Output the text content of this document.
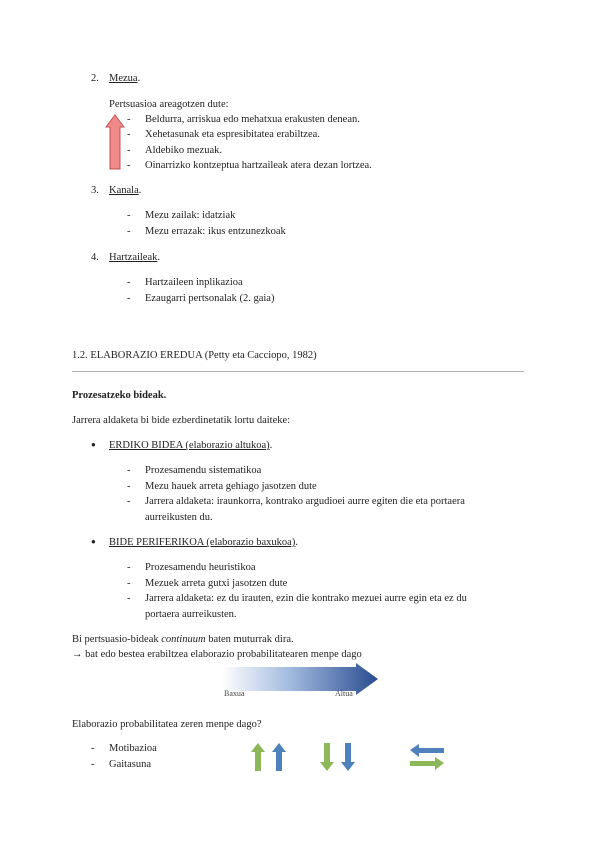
2. Mezua.
Pertsuasioa areagotzen dute:
- Beldurra, arriskua edo mehatxua erakusten denean.
- Xehetasunak eta espresibitatea erabiltzea.
- Aldebiko mezuak.
- Oinarrizko kontzeptua hartzaileak atera dezan lortzea.
3. Kanala.
- Mezu zailak: idatziak
- Mezu errazak: ikus entzunezkoak
4. Hartzaileak.
- Hartzaileen inplikazioa
- Ezaugarri pertsonalak (2. gaia)
1.2. ELABORAZIO EREDUA (Petty eta Cacciopo, 1982)
Prozesatzeko bideak.
Jarrera aldaketa bi bide ezberdinetatik lortu daiteke:
● ERDIKO BIDEA (elaborazio altukoa).
- Prozesamendu sistematikoa
- Mezu hauek arreta gehiago jasotzen dute
- Jarrera aldaketa: iraunkorra, kontrako argudioei aurre egiten die eta portaera
aurreikusten du.
● BIDE PERIFERIKOA (elaborazio baxukoa).
- Prozesamendu heuristikoa
- Mezuek arreta gutxi jasotzen dute
- Jarrera aldaketa: ez du irauten, ezin die kontrako mezuei aurre egin eta ez du
portaera aurreikusten.
Bi pertsuasio-bideak continuum baten muturrak dira.
→ bat edo bestea erabiltzea elaborazio probabilitatearen menpe dago
Baxua	Altua
Elaborazio probabilitatea zeren menpe dago?
- Motibazioa
- Gaitasuna
